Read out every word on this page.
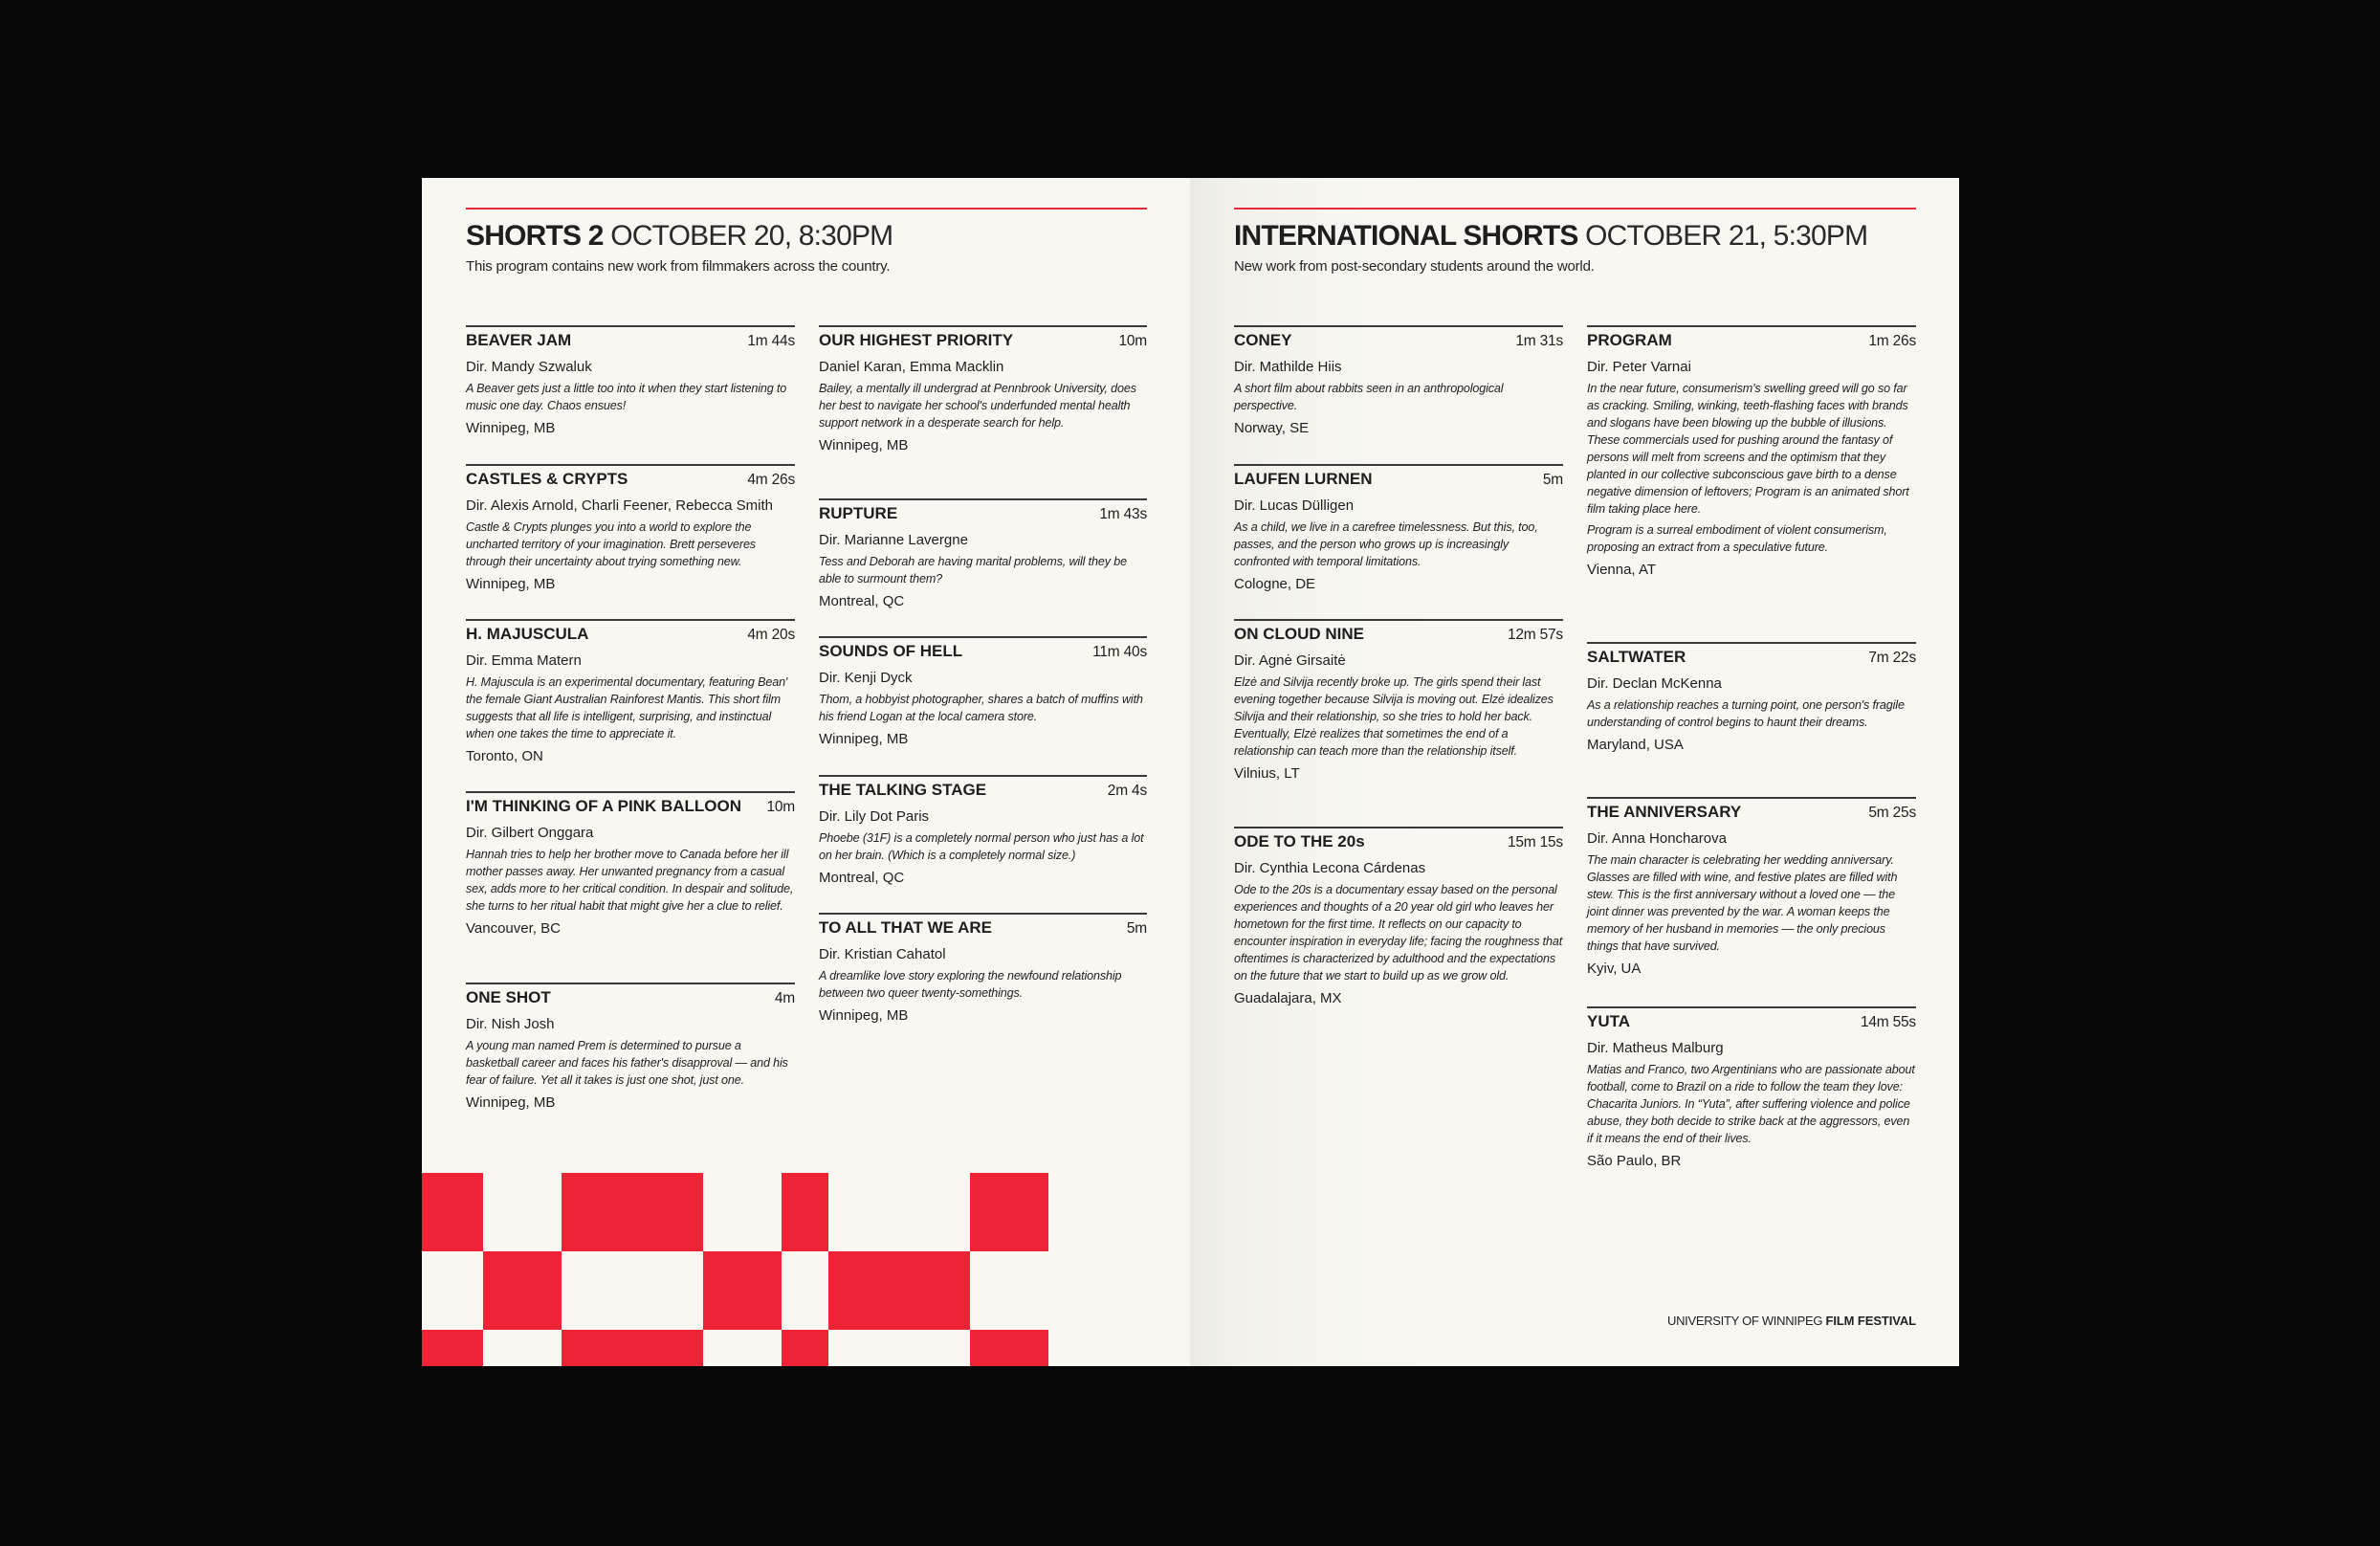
SHORTS 2 OCTOBER 20, 8:30PM
This program contains new work from filmmakers across the country.
BEAVER JAM	1m 44s
Dir. Mandy Szwaluk

A Beaver gets just a little too into it when they start listening to music one day. Chaos ensues!

Winnipeg, MB
CASTLES & CRYPTS	4m 26s
Dir. Alexis Arnold, Charli Feener, Rebecca Smith

Castle & Crypts plunges you into a world to explore the uncharted territory of your imagination. Brett perseveres through their uncertainty about trying something new.

Winnipeg, MB
H. MAJUSCULA	4m 20s
Dir. Emma Matern

H. Majuscula is an experimental documentary, featuring Bean' the female Giant Australian Rainforest Mantis. This short film suggests that all life is intelligent, surprising, and instinctual when one takes the time to appreciate it.

Toronto, ON
I'M THINKING OF A PINK BALLOON 10m
Dir. Gilbert Onggara

Hannah tries to help her brother move to Canada before her ill mother passes away. Her unwanted pregnancy from a casual sex, adds more to her critical condition. In despair and solitude, she turns to her ritual habit that might give her a clue to relief.

Vancouver, BC
ONE SHOT	4m
Dir. Nish Josh

A young man named Prem is determined to pursue a basketball career and faces his father's disapproval — and his fear of failure. Yet all it takes is just one shot, just one.

Winnipeg, MB
OUR HIGHEST PRIORITY	10m
Daniel Karan, Emma Macklin

Bailey, a mentally ill undergrad at Pennbrook University, does her best to navigate her school's underfunded mental health support network in a desperate search for help.

Winnipeg, MB
RUPTURE	1m 43s
Dir. Marianne Lavergne

Tess and Deborah are having marital problems, will they be able to surmount them?

Montreal, QC
SOUNDS OF HELL	11m 40s
Dir. Kenji Dyck

Thom, a hobbyist photographer, shares a batch of muffins with his friend Logan at the local camera store.

Winnipeg, MB
THE TALKING STAGE	2m 4s
Dir. Lily Dot Paris

Phoebe (31F) is a completely normal person who just has a lot on her brain. (Which is a completely normal size.)

Montreal, QC
TO ALL THAT WE ARE	5m
Dir. Kristian Cahatol

A dreamlike love story exploring the newfound relationship between two queer twenty-somethings.

Winnipeg, MB
INTERNATIONAL SHORTS OCTOBER 21, 5:30PM
New work from post-secondary students around the world.
CONEY	1m 31s
Dir. Mathilde Hiis

A short film about rabbits seen in an anthropological perspective.

Norway, SE
LAUFEN LURNEN	5m
Dir. Lucas Dülligen

As a child, we live in a carefree timelessness. But this, too, passes, and the person who grows up is increasingly confronted with temporal limitations.

Cologne, DE
ON CLOUD NINE	12m 57s
Dir. Agnė Girsaitė

Elzė and Silvija recently broke up. The girls spend their last evening together because Silvija is moving out. Elzė idealizes Silvija and their relationship, so she tries to hold her back. Eventually, Elzė realizes that sometimes the end of a relationship can teach more than the relationship itself.

Vilnius, LT
ODE TO THE 20s	15m 15s
Dir. Cynthia Lecona Cárdenas

Ode to the 20s is a documentary essay based on the personal experiences and thoughts of a 20 year old girl who leaves her hometown for the first time. It reflects on our capacity to encounter inspiration in everyday life; facing the roughness that oftentimes is characterized by adulthood and the expectations on the future that we start to build up as we grow old.

Guadalajara, MX
PROGRAM	1m 26s
Dir. Peter Varnai

In the near future, consumerism's swelling greed will go so far as cracking. Smiling, winking, teeth-flashing faces with brands and slogans have been blowing up the bubble of illusions. These commercials used for pushing around the fantasy of persons will melt from screens and the optimism that they planted in our collective subconscious gave birth to a dense negative dimension of leftovers; Program is an animated short film taking place here.

Program is a surreal embodiment of violent consumerism, proposing an extract from a speculative future.

Vienna, AT
SALTWATER	7m 22s
Dir. Declan McKenna

As a relationship reaches a turning point, one person's fragile understanding of control begins to haunt their dreams.

Maryland, USA
THE ANNIVERSARY	5m 25s
Dir. Anna Honcharova

The main character is celebrating her wedding anniversary. Glasses are filled with wine, and festive plates are filled with stew. This is the first anniversary without a loved one — the joint dinner was prevented by the war. A woman keeps the memory of her husband in memories — the only precious things that have survived.

Kyiv, UA
YUTA	14m 55s
Dir. Matheus Malburg

Matias and Franco, two Argentinians who are passionate about football, come to Brazil on a ride to follow the team they love: Chacarita Juniors. In “Yuta”, after suffering violence and police abuse, they both decide to strike back at the aggressors, even if it means the end of their lives.

São Paulo, BR
UNIVERSITY OF WINNIPEG FILM FESTIVAL
